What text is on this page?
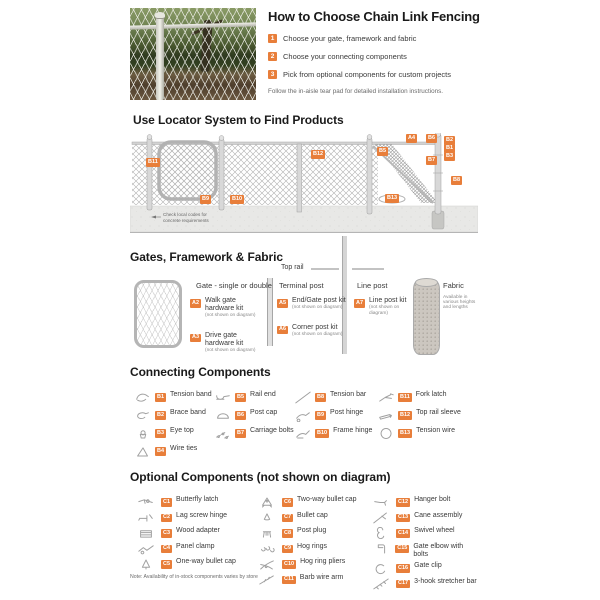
How to Choose Chain Link Fencing
1	Choose your gate, framework and fabric
2	Choose your connecting components
3	Pick from optional components for custom projects
Follow the in-aisle tear pad for detailed installation instructions.
Use Locator System to Find Products
Check local codes for concrete requirements
B11
B9	B10
B12	B5
A4	B6	B2
B1
B3
B7
B8
B13
Gates, Framework & Fabric
Top rail
Gate - single or double Terminal post	Line post
A2 Walk gate hardware kit
(not shown on diagram)
A3 Drive gate hardware kit
(not shown on diagram)
A5 End/Gate post kit
(not shown on diagram)
A6 Corner post kit
(not shown on diagram)
A7 Line post kit
(not shown on diagram)
Fabric
Available in various heights and lengths
Connecting Components
B1 Tension band
B2 Brace band
B3 Eye top
B4 Wire ties
B5 Rail end
B6 Post cap
B7 Carriage bolts
B8 Tension bar
B9 Post hinge
B10 Frame hinge
B11 Fork latch
B12 Top rail sleeve
B13 Tension wire
Optional Components (not shown on diagram)
C1 Butterfly latch
C2 Lag screw hinge
C3 Wood adapter
C4 Panel clamp
C5 One-way bullet cap
C6 Two-way bullet cap
C7 Bullet cap
C8 Post plug
C9 Hog rings
C10 Hog ring pliers
C11 Barb wire arm
C12 Hanger bolt
C13 Cane assembly
C14 Swivel wheel
C15 Gate elbow with bolts
C16 Gate clip
C17 3-hook stretcher bar
Note: Availability of in-stock components varies by store
